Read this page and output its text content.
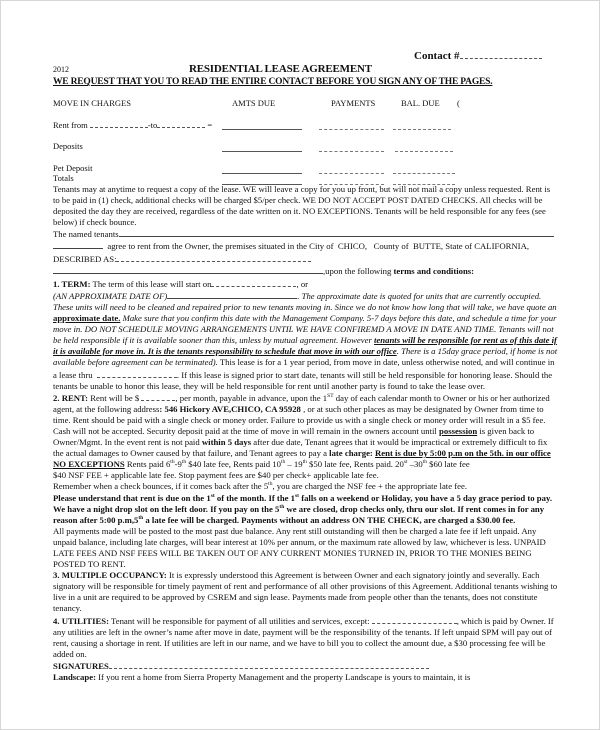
Contact #
2012	RESIDENTIAL LEASE AGREEMENT
WE REQUEST THAT YOU TO READ THE ENTIRE CONTACT BEFORE YOU SIGN ANY OF THE PAGES.
MOVE IN CHARGES	AMTS DUE	PAYMENTS	BAL. DUE (
Rent from	-to	=
Deposits
Pet Deposit
Totals

Tenants may at anytime to request a copy of the lease. WE will leave a copy for you up front, but will not mail a copy unless requested. Rent is to be paid in (1) check, additional checks will be charged $5/per check. WE DO NOT ACCEPT POST DATED CHECKS. All checks will be deposited the day they are received, regardless of the date written on it. NO EXCEPTIONS. Tenants will be held responsible for any fees (see below) if check bounce.

The named tenants

agree to rent from the Owner, the premises situated in the City of CHICO, County of BUTTE, State of CALIFORNIA, DESCRIBED AS:

,upon the following terms and conditions:

1. TERM: The term of this lease will start on	, or
(AN APPROXIMATE DATE OF)	. The approximate date is quoted for units that are currently occupied. These units will need to be cleaned and repaired prior to new tenants moving in. Since we do not know how long that will take, we have quote an approximate date. Make sure that you confirm this date with the Management Company. 5-7 days before this date, and schedule a time for your move in. DO NOT SCHEDULE MOVING ARRANGEMENTS UNTIL WE HAVE CONFIREMD A MOVE IN DATE AND TIME. Tenants will not be held responsible if it is available sooner than this, unless by mutual agreement. However tenants will be responsible for rent as of this date if it is available for move in. It is the tenants responsibility to schedule that move in with our office. There is a 15day grace period, if home is not available before agreement can be terminated). This lease is for a 1 year period, from move in date, unless otherwise noted, and will continue in a lease thru	. If this lease is signed prior to start date, tenants will still be held responsible for honoring lease. Should the tenants be unable to honor this lease, they will be held responsible for rent until another party is found to take the lease over.

2. RENT: Rent will be $	, per month, payable in advance, upon the 1ST day of each calendar month to Owner or his or her authorized agent, at the following address: 546 Hickory AVE,CHICO, CA 95928 , or at such other places as may be designated by Owner from time to time. Rent should be paid with a single check or money order. Failure to provide us with a single check or money order will result in a $5 fee. Cash will not be accepted. Security deposit paid at the time of move in will remain in the owners account until possession is given back to Owner/Mgmt. In the event rent is not paid within 5 days after due date, Tenant agrees that it would be impractical or extremely difficult to fix the actual damages to Owner caused by that failure, and Tenant agrees to pay a late charge: Rent is due by 5:00 p.m on the 5th. in our office NO EXCEPTIONS Rents paid 6th-9th $40 late fee, Rents paid 10th – 19th $50 late fee, Rents paid. 20st –30th $60 late fee

$40 NSF FEE + applicable late fee. Stop payment fees are $40 per check+ applicable late fee.

Remember when a check bounces, if it comes back after the 5th, you are charged the NSF fee + the appropriate late fee.

Please understand that rent is due on the 1st of the month. If the 1st falls on a weekend or Holiday, you have a 5 day grace period to pay. We have a night drop slot on the left door. If you pay on the 5th we are closed, drop checks only, thru our slot. If rent comes in for any reason after 5:00 p.m,5th a late fee will be charged. Payments without an address ON THE CHECK, are charged a $30.00 fee.

All payments made will be posted to the most past due balance. Any rent still outstanding will then be charged a late fee if left unpaid. Any unpaid balance, including late charges, will bear interest at 10% per annum, or the maximum rate allowed by law, whichever is less. UNPAID LATE FEES AND NSF FEES WILL BE TAKEN OUT OF ANY CURRENT MONIES TURNED IN, PRIOR TO THE MONIES BEING POSTED TO RENT.

3. MULTIPLE OCCUPANCY: It is expressly understood this Agreement is between Owner and each signatory jointly and severally. Each signatory will be responsible for timely payment of rent and performance of all other provisions of this Agreement. Additional tenants wishing to live in a unit are required to be approved by CSREM and sign lease. Payments made from people other than the tenants, does not constitute tenancy.

4. UTILITIES: Tenant will be responsible for payment of all utilities and services, except:	, which is paid by Owner. If any utilities are left in the owner’s name after move in date, payment will be the responsibility of the tenants. If left unpaid SPM will pay out of rent, causing a shortage in rent. If utilities are left in our name, and we have to bill you to collect the amount due, a $30 processing fee will be added on.

SIGNATURES

Landscape: If you rent a home from Sierra Property Management and the property Landscape is yours to maintain, it is
